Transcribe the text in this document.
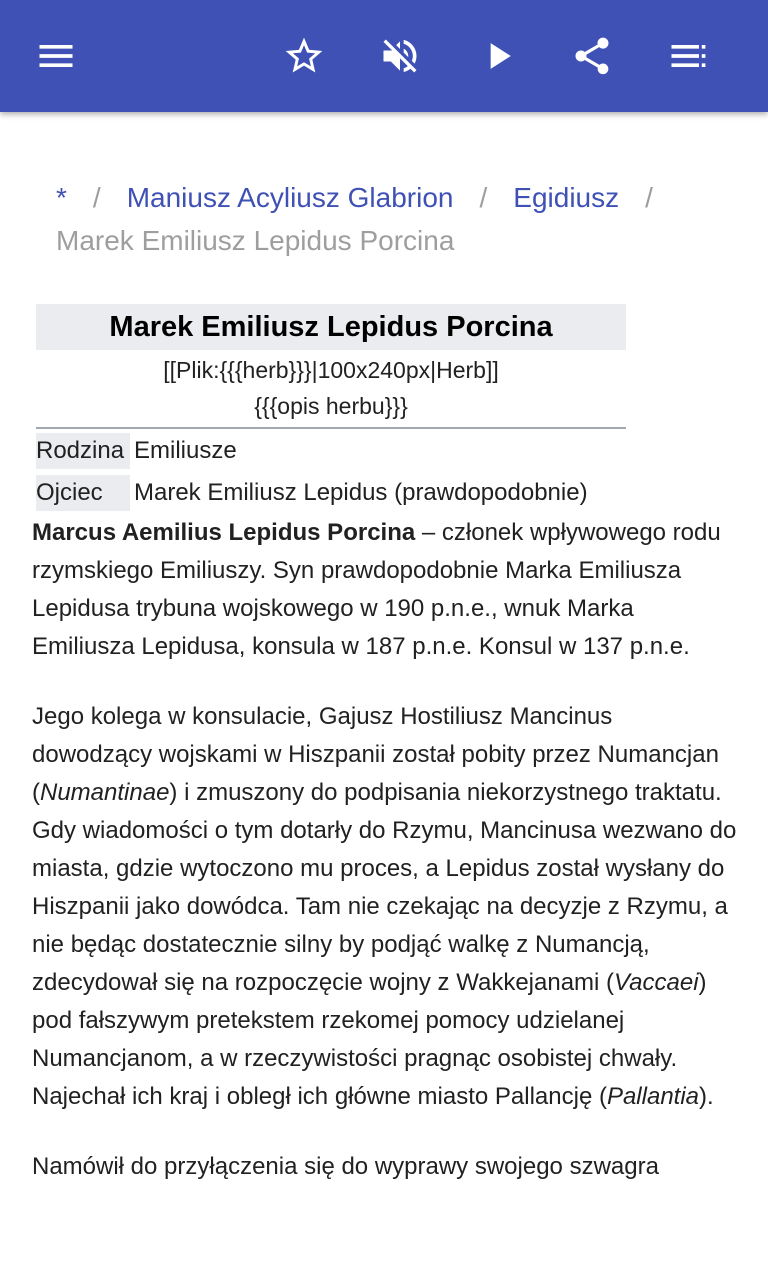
* / Maniusz Acyliusz Glabrion / Egidiusz /
Marek Emiliusz Lepidus Porcina
Marek Emiliusz Lepidus Porcina
[[Plik:{{{herb}}}|100x240px|Herb]]
{{{opis herbu}}}
Rodzina Emiliusze
Ojciec	Marek Emiliusz Lepidus (prawdopodobnie)

Marcus Aemilius Lepidus Porcina – członek wpływowego rodu rzymskiego Emiliuszy. Syn prawdopodobnie Marka Emiliusza Lepidusa trybuna wojskowego w 190 p.n.e., wnuk Marka Emiliusza Lepidusa, konsula w 187 p.n.e. Konsul w 137 p.n.e.

Jego kolega w konsulacie, Gajusz Hostiliusz Mancinus dowodzący wojskami w Hiszpanii został pobity przez Numancjan (Numantinae) i zmuszony do podpisania niekorzystnego traktatu. Gdy wiadomości o tym dotarły do Rzymu, Mancinusa wezwano do miasta, gdzie wytoczono mu proces, a Lepidus został wysłany do Hiszpanii jako dowódca. Tam nie czekając na decyzje z Rzymu, a nie będąc dostatecznie silny by podjąć walkę z Numancją, zdecydował się na rozpoczęcie wojny z Wakkejanami (Vaccaei) pod fałszywym pretekstem rzekomej pomocy udzielanej Numancjanom, a w rzeczywistości pragnąc osobistej chwały. Najechał ich kraj i obległ ich główne miasto Pallancję (Pallantia).

Namówił do przyłączenia się do wyprawy swojego szwagra
